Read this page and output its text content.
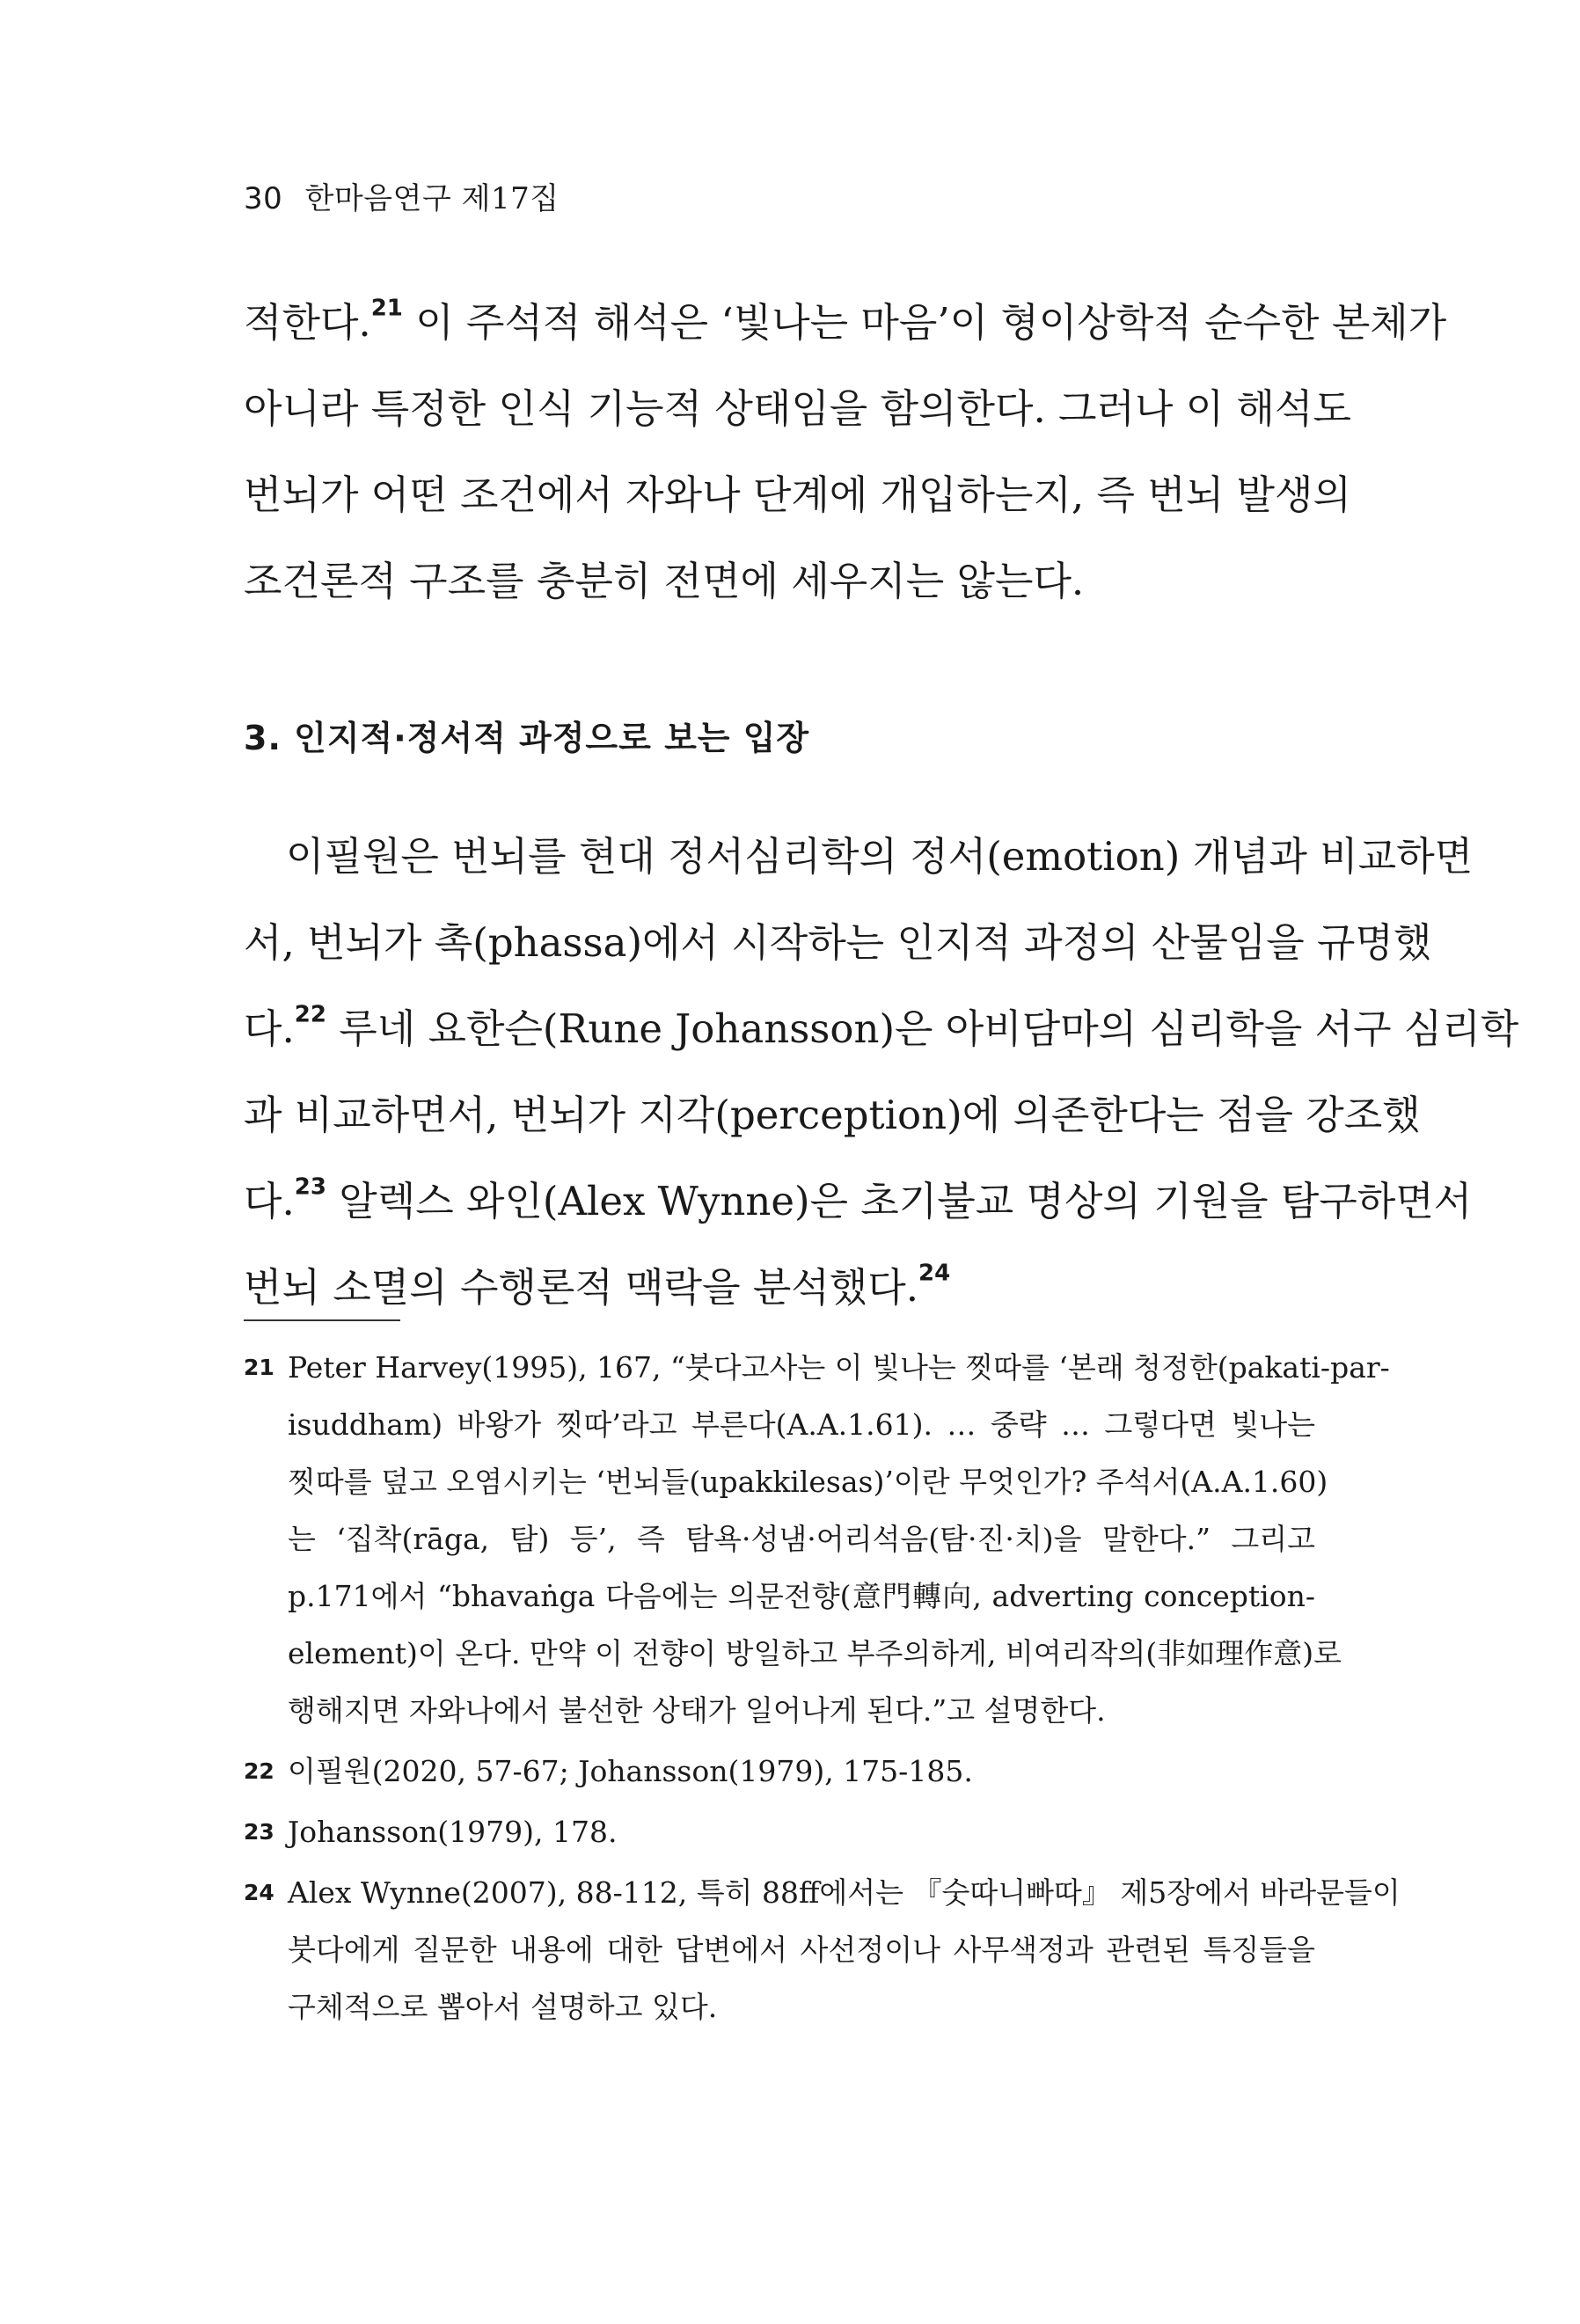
30 한마음연구 제17집
적한다.$^{21}$ 이 주석적 해석은 ‘빛나는 마음’이 형이상학적 순수한 본체가
아니라 특정한 인식 기능적 상태임을 함의한다. 그러나 이 해석도
번뇌가 어떤 조건에서 자와나 단계에 개입하는지, 즉 번뇌 발생의
조건론적 구조를 충분히 전면에 세우지는 않는다.
3. 인지적·정서적 과정으로 보는 입장
이필원은 번뇌를 현대 정서심리학의 정서(emotion) 개념과 비교하면
서, 번뇌가 촉(phassa)에서 시작하는 인지적 과정의 산물임을 규명했
다.$^{22}$ 루네 요한슨(Rune Johansson)은 아비담마의 심리학을 서구 심리학
과 비교하면서, 번뇌가 지각(perception)에 의존한다는 점을 강조했
다.$^{23}$ 알렉스 와인(Alex Wynne)은 초기불교 명상의 기원을 탐구하면서
번뇌 소멸의 수행론적 맥락을 분석했다.$^{24}$
21 Peter Harvey(1995), 167, “붓다고사는 이 빛나는 찟따를 ‘본래 청정한(pakati-par-
isuddham) 바왕가 찟따’라고 부른다(A.A.1.61). … 중략 … 그렇다면 빛나는
찟따를 덮고 오염시키는 ‘번뇌들(upakkilesas)’이란 무엇인가? 주석서(A.A.1.60)
는 ‘집착(rāga, 탐) 등’, 즉 탐욕·성냄·어리석음(탐·진·치)을 말한다.” 그리고
p.171에서 “bhavaṅga 다음에는 의문전향(意門轉向, adverting conception-
element)이 온다. 만약 이 전향이 방일하고 부주의하게, 비여리작의(非如理作意)로
행해지면 자와나에서 불선한 상태가 일어나게 된다.”고 설명한다.
22 이필원(2020, 57-67; Johansson(1979), 175-185.
23 Johansson(1979), 178.
24 Alex Wynne(2007), 88-112, 특히 88ff에서는 『숫따니빠따』 제5장에서 바라문들이
붓다에게 질문한 내용에 대한 답변에서 사선정이나 사무색정과 관련된 특징들을
구체적으로 뽑아서 설명하고 있다.
